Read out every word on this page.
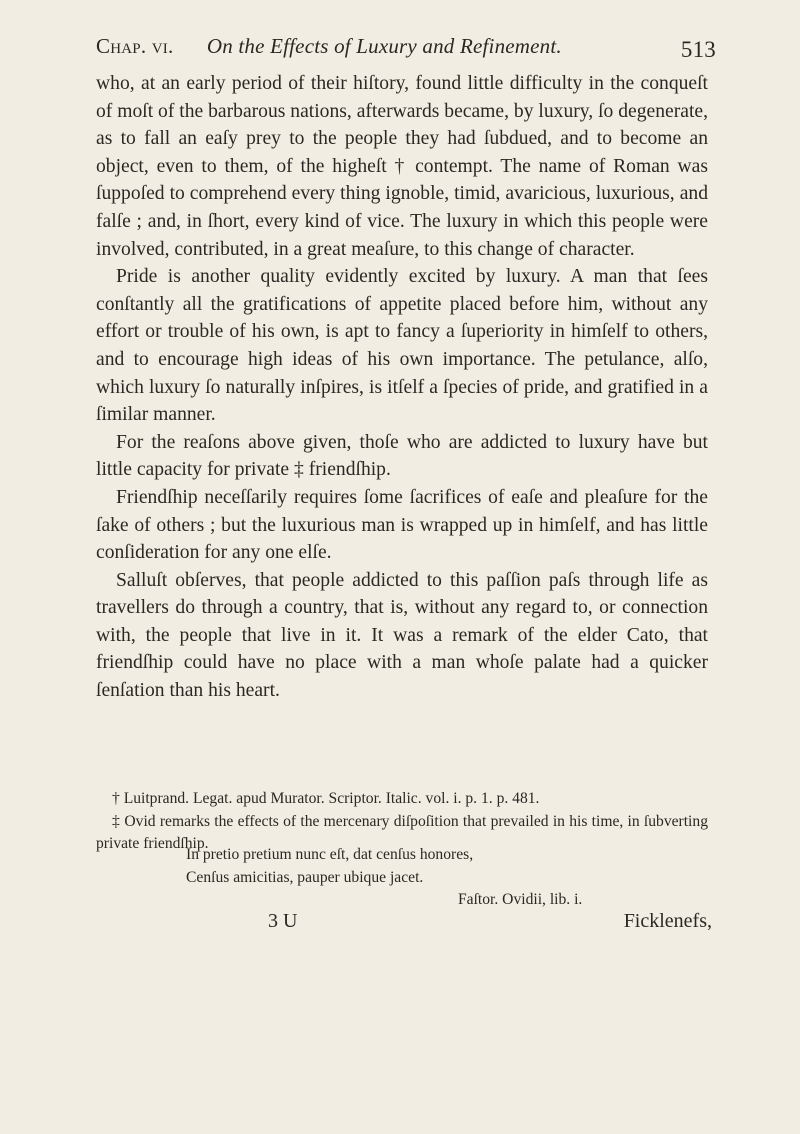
Chap. vi. On the Effects of Luxury and Refinement.	513

who, at an early period of their hiſtory, found little difficulty in the conqueſt of moſt of the barbarous nations, afterwards became, by luxury, ſo degenerate, as to fall an eaſy prey to the people they had ſubdued, and to become an object, even to them, of the higheſt † contempt. The name of Roman was ſuppoſed to comprehend every thing ignoble, timid, avaricious, luxurious, and falſe ; and, in ſhort, every kind of vice. The luxury in which this people were involved, contributed, in a great meaſure, to this change of character.

Pride is another quality evidently excited by luxury. A man that ſees conſtantly all the gratifications of appetite placed before him, without any effort or trouble of his own, is apt to fancy a ſuperiority in himſelf to others, and to encourage high ideas of his own importance. The petulance, alſo, which luxury ſo naturally inſpires, is itſelf a ſpecies of pride, and gratified in a ſimilar manner.

For the reaſons above given, thoſe who are addicted to luxury have but little capacity for private ‡ friendſhip.

Friendſhip neceſſarily requires ſome ſacrifices of eaſe and pleaſure for the ſake of others ; but the luxurious man is wrapped up in himſelf, and has little conſideration for any one elſe.

Salluſt obſerves, that people addicted to this paſſion paſs through life as travellers do through a country, that is, without any regard to, or connection with, the people that live in it. It was a remark of the elder Cato, that friendſhip could have no place with a man whoſe palate had a quicker ſenſation than his heart.

† Luitprand. Legat. apud Murator. Scriptor. Italic. vol. i. p. 1. p. 481.

‡ Ovid remarks the effects of the mercenary diſpoſition that prevailed in his time, in ſubverting private friendſhip.

In pretio pretium nunc eſt, dat cenſus honores,
Cenſus amicitias, pauper ubique jacet.
Faſtor. Ovidii, lib. i.
3 U	Ficklenefs,
